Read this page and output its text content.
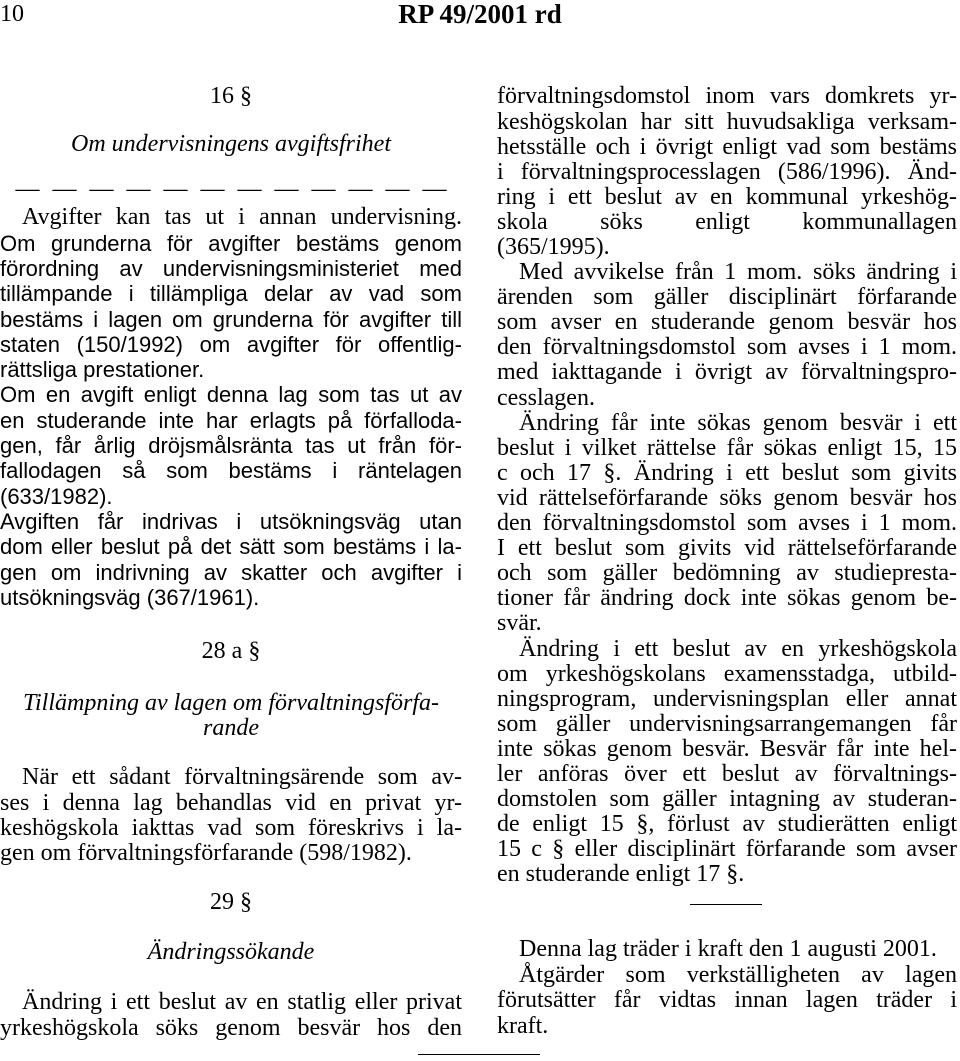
10	RP 49/2001 rd
16 §
Om undervisningens avgiftsfrihet
— — — — — — — — — — — —
Avgifter kan tas ut i annan undervisning.
Om grunderna för avgifter bestäms genom
förordning av undervisningsministeriet med
tillämpande i tillämpliga delar av vad som
bestäms i lagen om grunderna för avgifter till
staten (150/1992) om avgifter för offentlig-
rättsliga prestationer.
Om en avgift enligt denna lag som tas ut av
en studerande inte har erlagts på förfalloda-
gen, får årlig dröjsmålsränta tas ut från för-
fallodagen så som bestäms i räntelagen
(633/1982).
Avgiften får indrivas i utsökningsväg utan
dom eller beslut på det sätt som bestäms i la-
gen om indrivning av skatter och avgifter i
utsökningsväg (367/1961).
28 a §
Tillämpning av lagen om förvaltningsförfa-
rande
När ett sådant förvaltningsärende som av-
ses i denna lag behandlas vid en privat yr-
keshögskola iakttas vad som föreskrivs i la-
gen om förvaltningsförfarande (598/1982).
29 §
Ändringssökande
Ändring i ett beslut av en statlig eller privat
yrkeshögskola söks genom besvär hos den
förvaltningsdomstol inom vars domkrets yr-
keshögskolan har sitt huvudsakliga verksam-
hetsställe och i övrigt enligt vad som bestäms
i förvaltningsprocesslagen (586/1996). Änd-
ring i ett beslut av en kommunal yrkeshög-
skola söks enligt kommunallagen
(365/1995).
Med avvikelse från 1 mom. söks ändring i
ärenden som gäller disciplinärt förfarande
som avser en studerande genom besvär hos
den förvaltningsdomstol som avses i 1 mom.
med iakttagande i övrigt av förvaltningspro-
cesslagen.
Ändring får inte sökas genom besvär i ett
beslut i vilket rättelse får sökas enligt 15, 15
c och 17 §. Ändring i ett beslut som givits
vid rättelseförfarande söks genom besvär hos
den förvaltningsdomstol som avses i 1 mom.
I ett beslut som givits vid rättelseförfarande
och som gäller bedömning av studiepresta-
tioner får ändring dock inte sökas genom be-
svär.
Ändring i ett beslut av en yrkeshögskola
om yrkeshögskolans examensstadga, utbild-
ningsprogram, undervisningsplan eller annat
som gäller undervisningsarrangemangen får
inte sökas genom besvär. Besvär får inte hel-
ler anföras över ett beslut av förvaltnings-
domstolen som gäller intagning av studeran-
de enligt 15 §, förlust av studierätten enligt
15 c § eller disciplinärt förfarande som avser
en studerande enligt 17 §.
Denna lag träder i kraft den 1 augusti 2001.
Åtgärder som verkställigheten av lagen
förutsätter får vidtas innan lagen träder i
kraft.
